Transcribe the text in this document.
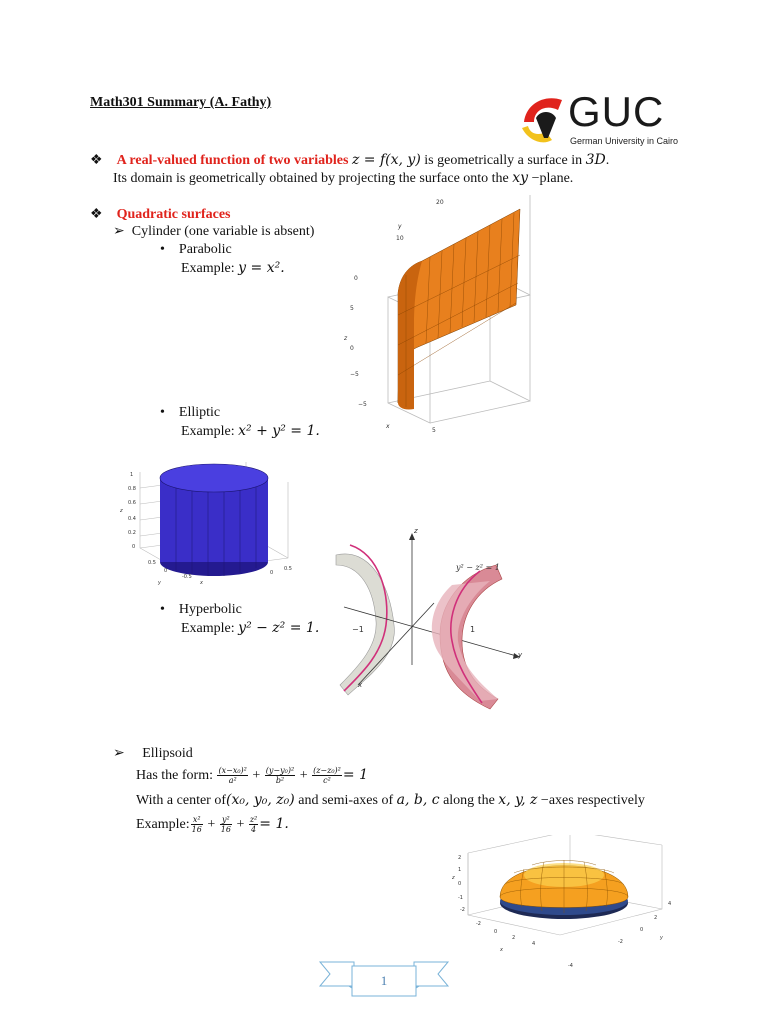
Math301 Summary (A. Fathy)	GUC
German University in Cairo
❖ A real-valued function of two variables z = f(x, y) is geometrically a surface in 3D.
Its domain is geometrically obtained by projecting the surface onto the xy −plane.
❖ Quadratic surfaces
➢ Cylinder (one variable is absent)
• Parabolic
Example: y = x².
20
y
10
0
5
z
0
−5
−5
x
5
• Elliptic
Example: x² + y² = 1.
1
0.8
0.6
z
0.4
0.2
0
0.5
0
-0.5
y	x
0
0.5
• Hyperbolic
Example: y² − z² = 1.
z
y² − z² = 1
−1	1
y
x
➢ Ellipsoid
Has the form: $\frac{\text{(x−x₀)²}}{\text{a²}} + \frac{\text{(y−y₀)²}}{\text{b²}} + \frac{\text{(z−z₀)²}}{\text{c²}} = 1$
With a center of(x₀, y₀, z₀) and semi-axes of a, b, c along the x, y, z −axes respectively
Example: $\frac{\text{x²}}{16} + \frac{\text{y²}}{16} + \frac{\text{z²}}{4} = 1$.
2
1
z
0
-1
-2
-2
0
2
4
x
4
2
0
y
-2
-4
1
